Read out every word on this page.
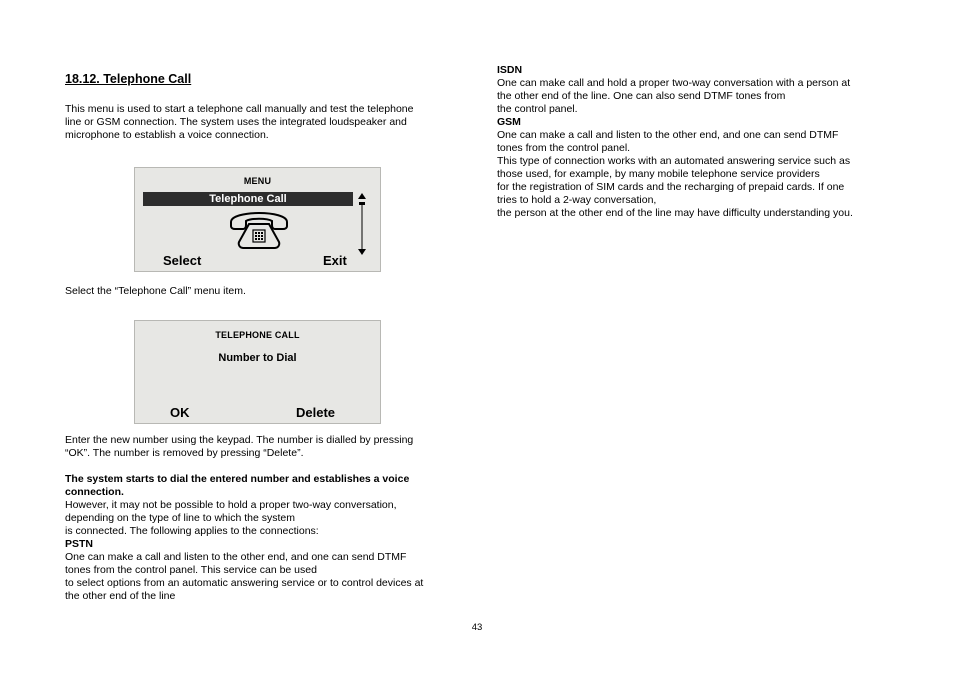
18.12. Telephone Call
This menu is used to start a telephone call manually and test the telephone
line or GSM connection. The system uses the integrated loudspeaker and
microphone to establish a voice connection.
MENU
Telephone Call
Select	Exit
Select the “Telephone Call” menu item.
TELEPHONE CALL
Number to Dial
OK	Delete
Enter the new number using the keypad. The number is dialled by pressing
“OK”. The number is removed by pressing “Delete”.
The system starts to dial the entered number and establishes a voice
connection.
However, it may not be possible to hold a proper two-way conversation,
depending on the type of line to which the system
is connected. The following applies to the connections:
PSTN
One can make a call and listen to the other end, and one can send DTMF
tones from the control panel. This service can be used
to select options from an automatic answering service or to control devices at
the other end of the line
ISDN
One can make call and hold a proper two-way conversation with a person at
the other end of the line. One can also send DTMF tones from
the control panel.
GSM
One can make a call and listen to the other end, and one can send DTMF
tones from the control panel.
This type of connection works with an automated answering service such as
those used, for example, by many mobile telephone service providers
for the registration of SIM cards and the recharging of prepaid cards. If one
tries to hold a 2-way conversation,
the person at the other end of the line may have difficulty understanding you.
43
